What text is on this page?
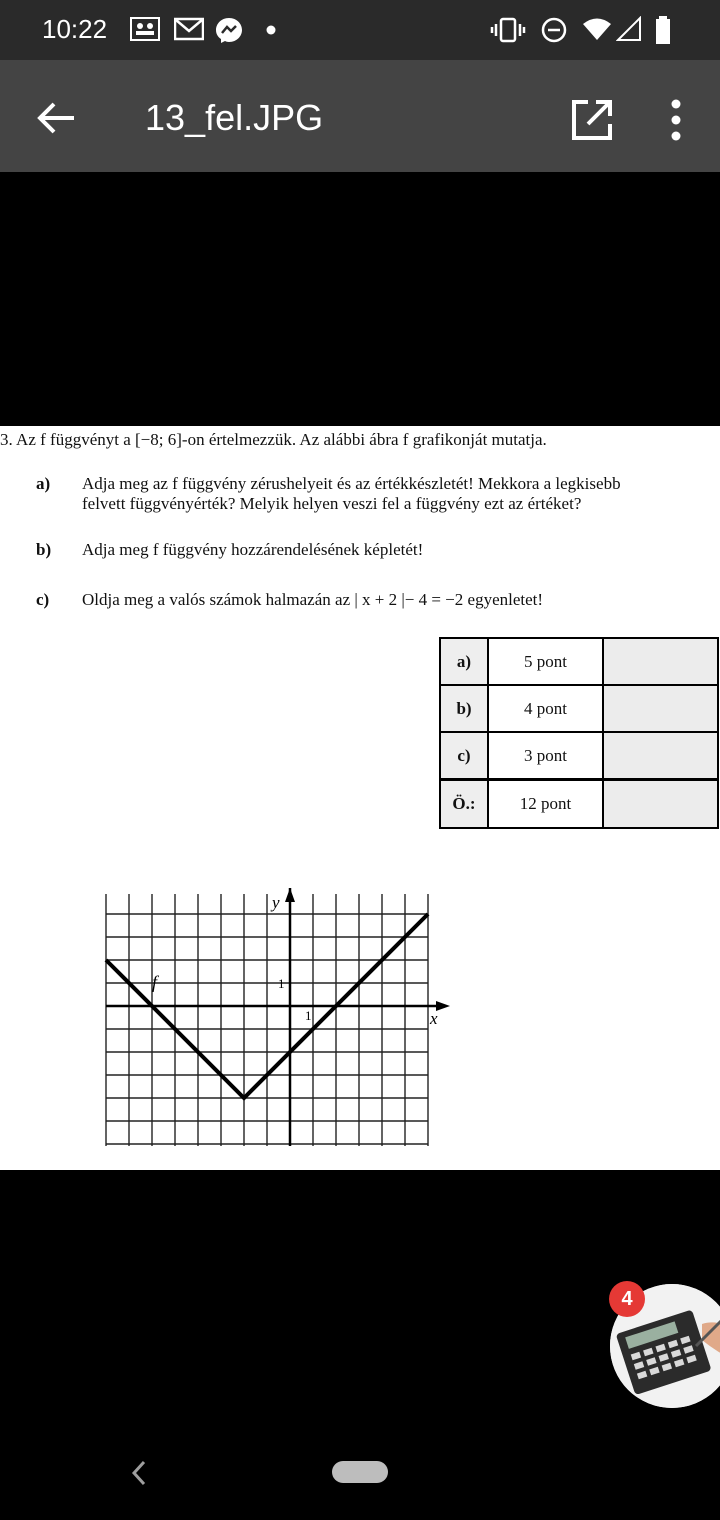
10:22
13_fel.JPG
3. Az f függvényt a [−8; 6]-on értelmezzük. Az alábbi ábra f grafikonját mutatja.
a) Adja meg az f függvény zérushelyeit és az értékkészletét! Mekkora a legkisebb
felvett függvényérték? Melyik helyen veszi fel a függvény ezt az értéket?
b) Adja meg f függvény hozzárendelésének képletét!
c) Oldja meg a valós számok halmazán az | x + 2 |− 4 = −2 egyenletet!
a)	5 pont	
b)	4 pont	
c)	3 pont	
Ö.:	12 pont	
f
y
x
1
1
4
